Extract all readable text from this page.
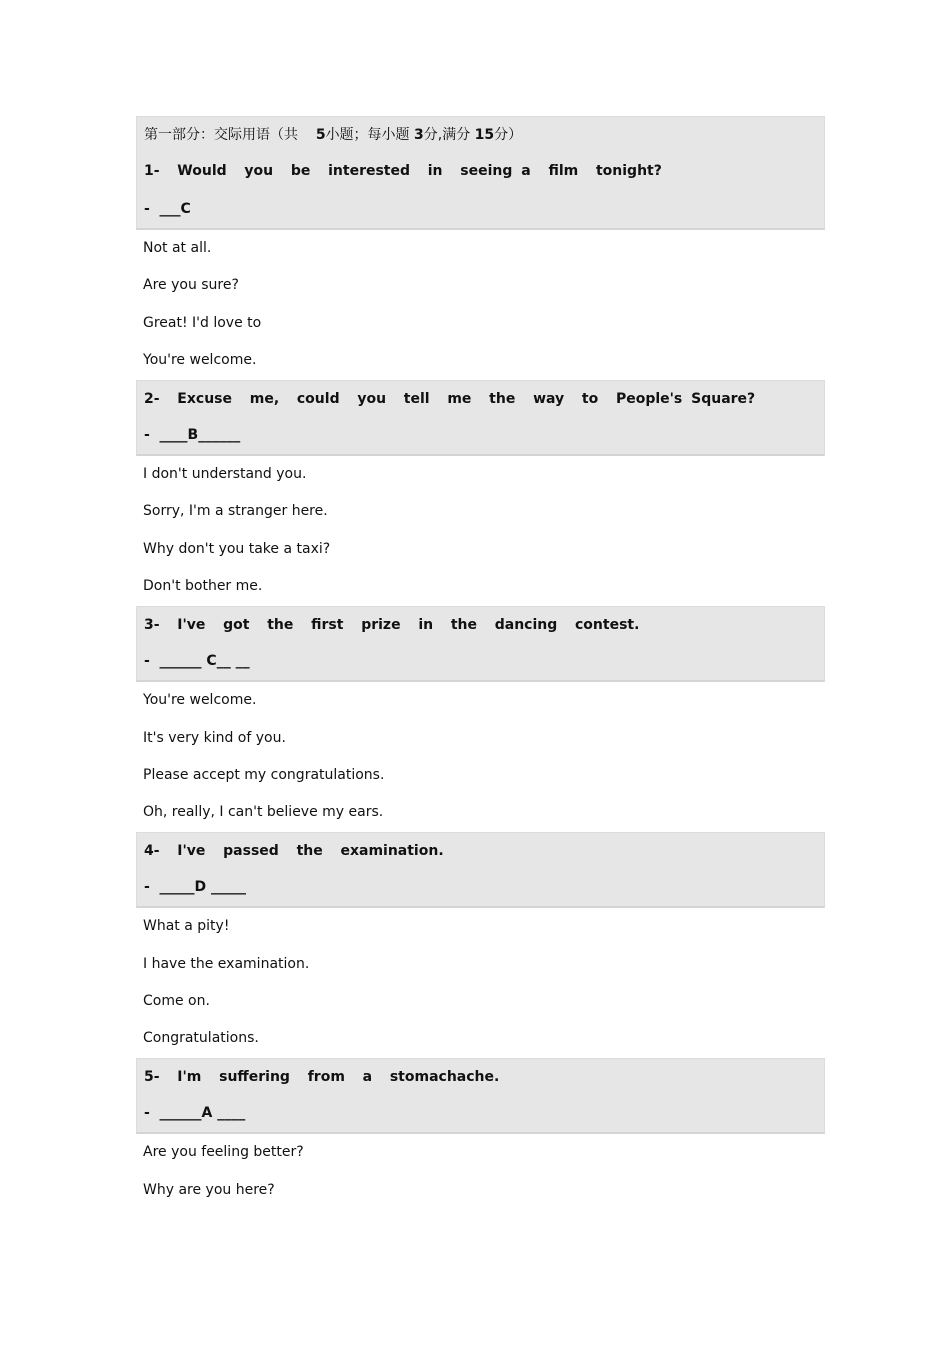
第一部分：交际用语（共 5小题；每小题 3分,满分 15分）
1-  Would  you  be  interested  in  seeing a  film  tonight?
-  ___C
Not at all.
Are you sure?
Great! I'd love to
You're welcome.
2-  Excuse  me,  could  you  tell  me  the  way  to  People's Square?
-  ____B______
I don't understand you.
Sorry, I'm a stranger here.
Why don't you take a taxi?
Don't bother me.
3-  I've  got  the  first  prize  in  the  dancing  contest.
-  ______ C__ __
You're welcome.
It's very kind of you.
Please accept my congratulations.
Oh, really, I can't believe my ears.
4-  I've  passed  the  examination.
-  _____D _____
What a pity!
I have the examination.
Come on.
Congratulations.
5-  I'm  suffering  from  a  stomachache.
-  ______A ____
Are you feeling better?
Why are you here?
